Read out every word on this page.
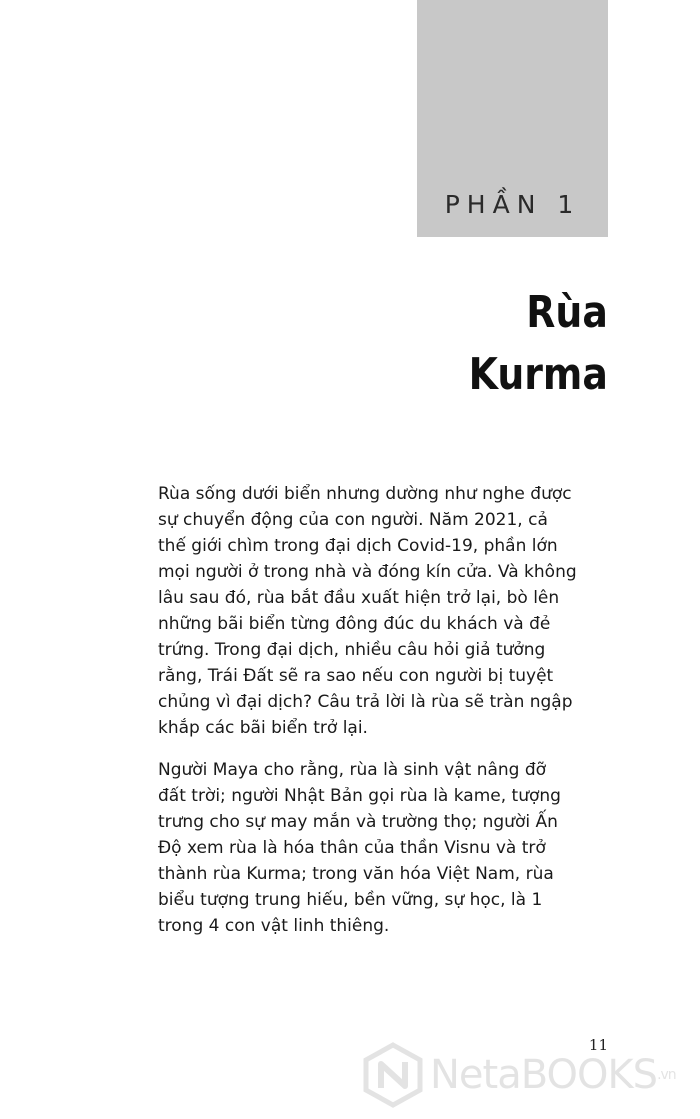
PHẦN 1
Rùa
Kurma
Rùa sống dưới biển nhưng dường như nghe được
sự chuyển động của con người. Năm 2021, cả
thế giới chìm trong đại dịch Covid-19, phần lớn
mọi người ở trong nhà và đóng kín cửa. Và không
lâu sau đó, rùa bắt đầu xuất hiện trở lại, bò lên
những bãi biển từng đông đúc du khách và đẻ
trứng. Trong đại dịch, nhiều câu hỏi giả tưởng
rằng, Trái Đất sẽ ra sao nếu con người bị tuyệt
chủng vì đại dịch? Câu trả lời là rùa sẽ tràn ngập
khắp các bãi biển trở lại.
Người Maya cho rằng, rùa là sinh vật nâng đỡ
đất trời; người Nhật Bản gọi rùa là kame, tượng
trưng cho sự may mắn và trường thọ; người Ấn
Độ xem rùa là hóa thân của thần Visnu và trở
thành rùa Kurma; trong văn hóa Việt Nam, rùa
biểu tượng trung hiếu, bền vững, sự học, là 1
trong 4 con vật linh thiêng.
11
NetaBOOKS .vn
